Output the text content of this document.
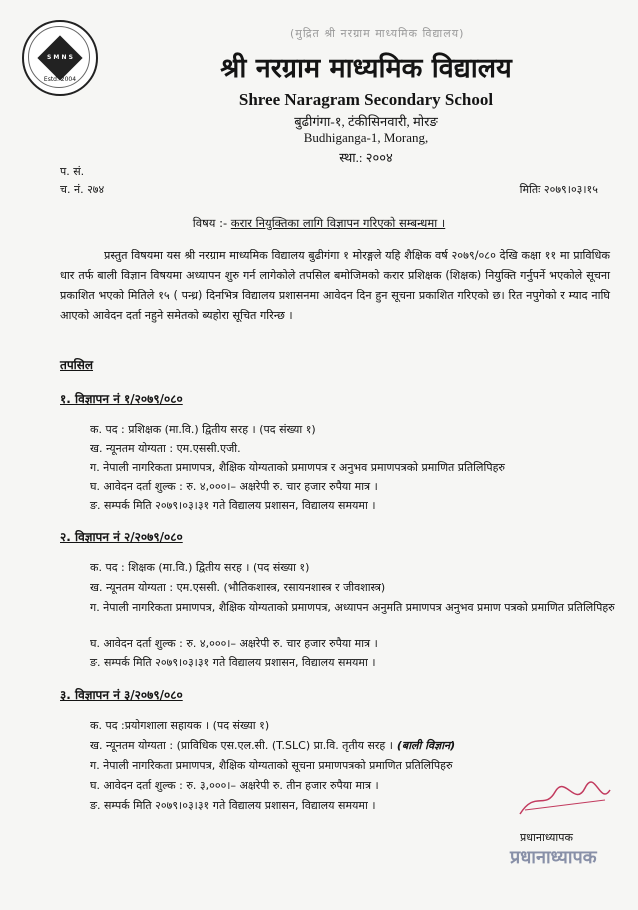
S M N S
Estd. 2004
(मुद्रित श्री नरग्राम माध्यमिक विद्यालय)
श्री नरग्राम माध्यमिक विद्यालय
Shree Naragram Secondary School
बुढीगंगा-१, टंकीसिनवारी, मोरङ
Budhiganga-1, Morang,
स्था.: २००४
प. सं.
च. नं. २७४	मितिः २०७९।०३।१५
विषय :- करार नियुक्तिका लागि विज्ञापन गरिएको सम्बन्धमा ।
प्रस्तुत विषयमा यस श्री नरग्राम माध्यमिक विद्यालय बुढीगंगा १ मोरङ्गले यहि शैक्षिक वर्ष २०७९/०८० देखि कक्षा ११ मा प्राविधिक धार तर्फ बाली विज्ञान विषयमा अध्यापन शुरु गर्न लागेकोले तपसिल बमोजिमको करार प्रशिक्षक (शिक्षक) नियुक्ति गर्नुपर्ने भएकोले सूचना प्रकाशित भएको मितिले १५ ( पन्ध्र) दिनभित्र विद्यालय प्रशासनमा आवेदन दिन हुन सूचना प्रकाशित गरिएको छ। रित नपुगेको र म्याद नाघि आएको आवेदन दर्ता नहुने समेतको ब्यहोरा सूचित गरिन्छ ।
तपसिल
१. विज्ञापन नं १/२०७९/०८०
क. पद : प्रशिक्षक (मा.वि.) द्वितीय सरह । (पद संख्या १)
ख. न्यूनतम योग्यता : एम.एससी.एजी.
ग. नेपाली नागरिकता प्रमाणपत्र, शैक्षिक योग्यताको प्रमाणपत्र र अनुभव प्रमाणपत्रको प्रमाणित प्रतिलिपिहरु
घ. आवेदन दर्ता शुल्क : रु. ४,०००।– अक्षरेपी रु. चार हजार रुपैया मात्र ।
ङ. सम्पर्क मिति २०७९।०३।३१ गते विद्यालय प्रशासन, विद्यालय समयमा ।
२. विज्ञापन नं २/२०७९/०८०
क. पद : शिक्षक (मा.वि.) द्वितीय सरह । (पद संख्या १)
ख. न्यूनतम योग्यता : एम.एससी. (भौतिकशास्त्र, रसायनशास्त्र र जीवशास्त्र)
ग. नेपाली नागरिकता प्रमाणपत्र, शैक्षिक योग्यताको प्रमाणपत्र, अध्यापन अनुमति प्रमाणपत्र अनुभव प्रमाण पत्रको प्रमाणित प्रतिलिपिहरु
घ. आवेदन दर्ता शुल्क : रु. ४,०००।– अक्षरेपी रु. चार हजार रुपैया मात्र ।
ङ. सम्पर्क मिति २०७९।०३।३१ गते विद्यालय प्रशासन, विद्यालय समयमा ।
३. विज्ञापन नं ३/२०७९/०८०
क. पद :प्रयोगशाला सहायक । (पद संख्या १)
ख. न्यूनतम योग्यता : (प्राविधिक एस.एल.सी. (T.SLC) प्रा.वि. तृतीय सरह । (बाली विज्ञान)
ग. नेपाली नागरिकता प्रमाणपत्र, शैक्षिक योग्यताको सूचना प्रमाणपत्रको प्रमाणित प्रतिलिपिहरु
घ. आवेदन दर्ता शुल्क : रु. ३,०००।– अक्षरेपी रु. तीन हजार रुपैया मात्र ।
ङ. सम्पर्क मिति २०७९।०३।३१ गते विद्यालय प्रशासन, विद्यालय समयमा ।
प्रधानाध्यापक
प्रधानाध्यापक
